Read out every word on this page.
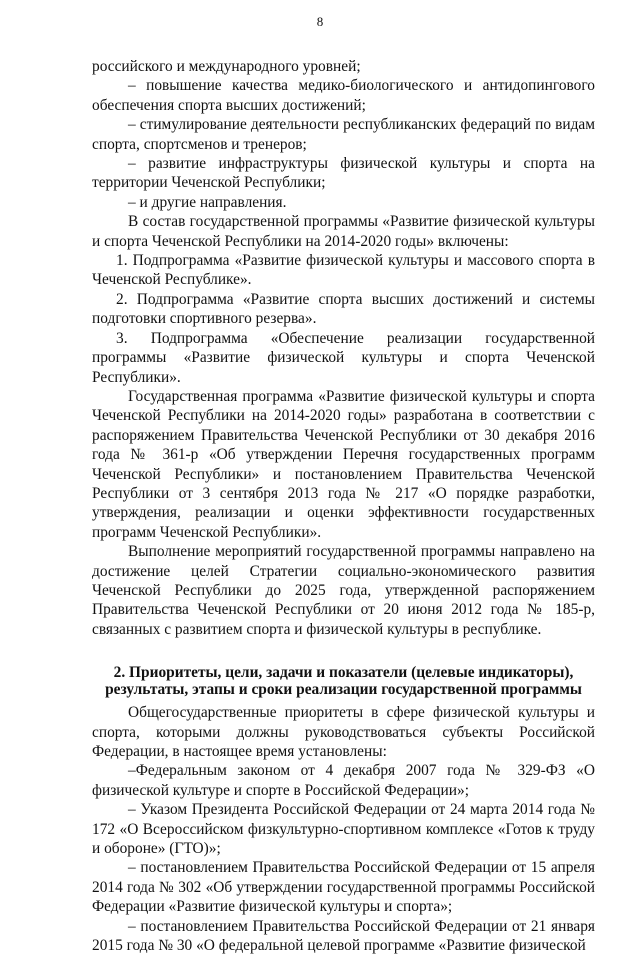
8

российского и международного уровней;

– повышение качества медико-биологического и антидопингового обеспечения спорта высших достижений;

– стимулирование деятельности республиканских федераций по видам спорта, спортсменов и тренеров;

– развитие инфраструктуры физической культуры и спорта на территории Чеченской Республики;

– и другие направления.

В состав государственной программы «Развитие физической культуры и спорта Чеченской Республики на 2014-2020 годы» включены:

1. Подпрограмма «Развитие физической культуры и массового спорта в Чеченской Республике».

2. Подпрограмма «Развитие спорта высших достижений и системы подготовки спортивного резерва».

3. Подпрограмма «Обеспечение реализации государственной программы «Развитие физической культуры и спорта Чеченской Республики».

Государственная программа «Развитие физической культуры и спорта Чеченской Республики на 2014-2020 годы» разработана в соответствии с распоряжением Правительства Чеченской Республики от 30 декабря 2016 года № 361-р «Об утверждении Перечня государственных программ Чеченской Республики» и постановлением Правительства Чеченской Республики от 3 сентября 2013 года № 217 «О порядке разработки, утверждения, реализации и оценки эффективности государственных программ Чеченской Республики».

Выполнение мероприятий государственной программы направлено на достижение целей Стратегии социально-экономического развития Чеченской Республики до 2025 года, утвержденной распоряжением Правительства Чеченской Республики от 20 июня 2012 года № 185-р, связанных с развитием спорта и физической культуры в республике.

2. Приоритеты, цели, задачи и показатели (целевые индикаторы),
результаты, этапы и сроки реализации государственной программы

Общегосударственные приоритеты в сфере физической культуры и спорта, которыми должны руководствоваться субъекты Российской Федерации, в настоящее время установлены:

–Федеральным законом от 4 декабря 2007 года № 329-ФЗ «О физической культуре и спорте в Российской Федерации»;

– Указом Президента Российской Федерации от 24 марта 2014 года № 172 «О Всероссийском физкультурно-спортивном комплексе «Готов к труду и обороне» (ГТО)»;

– постановлением Правительства Российской Федерации от 15 апреля 2014 года № 302 «Об утверждении государственной программы Российской Федерации «Развитие физической культуры и спорта»;

– постановлением Правительства Российской Федерации от 21 января 2015 года № 30 «О федеральной целевой программе «Развитие физической
